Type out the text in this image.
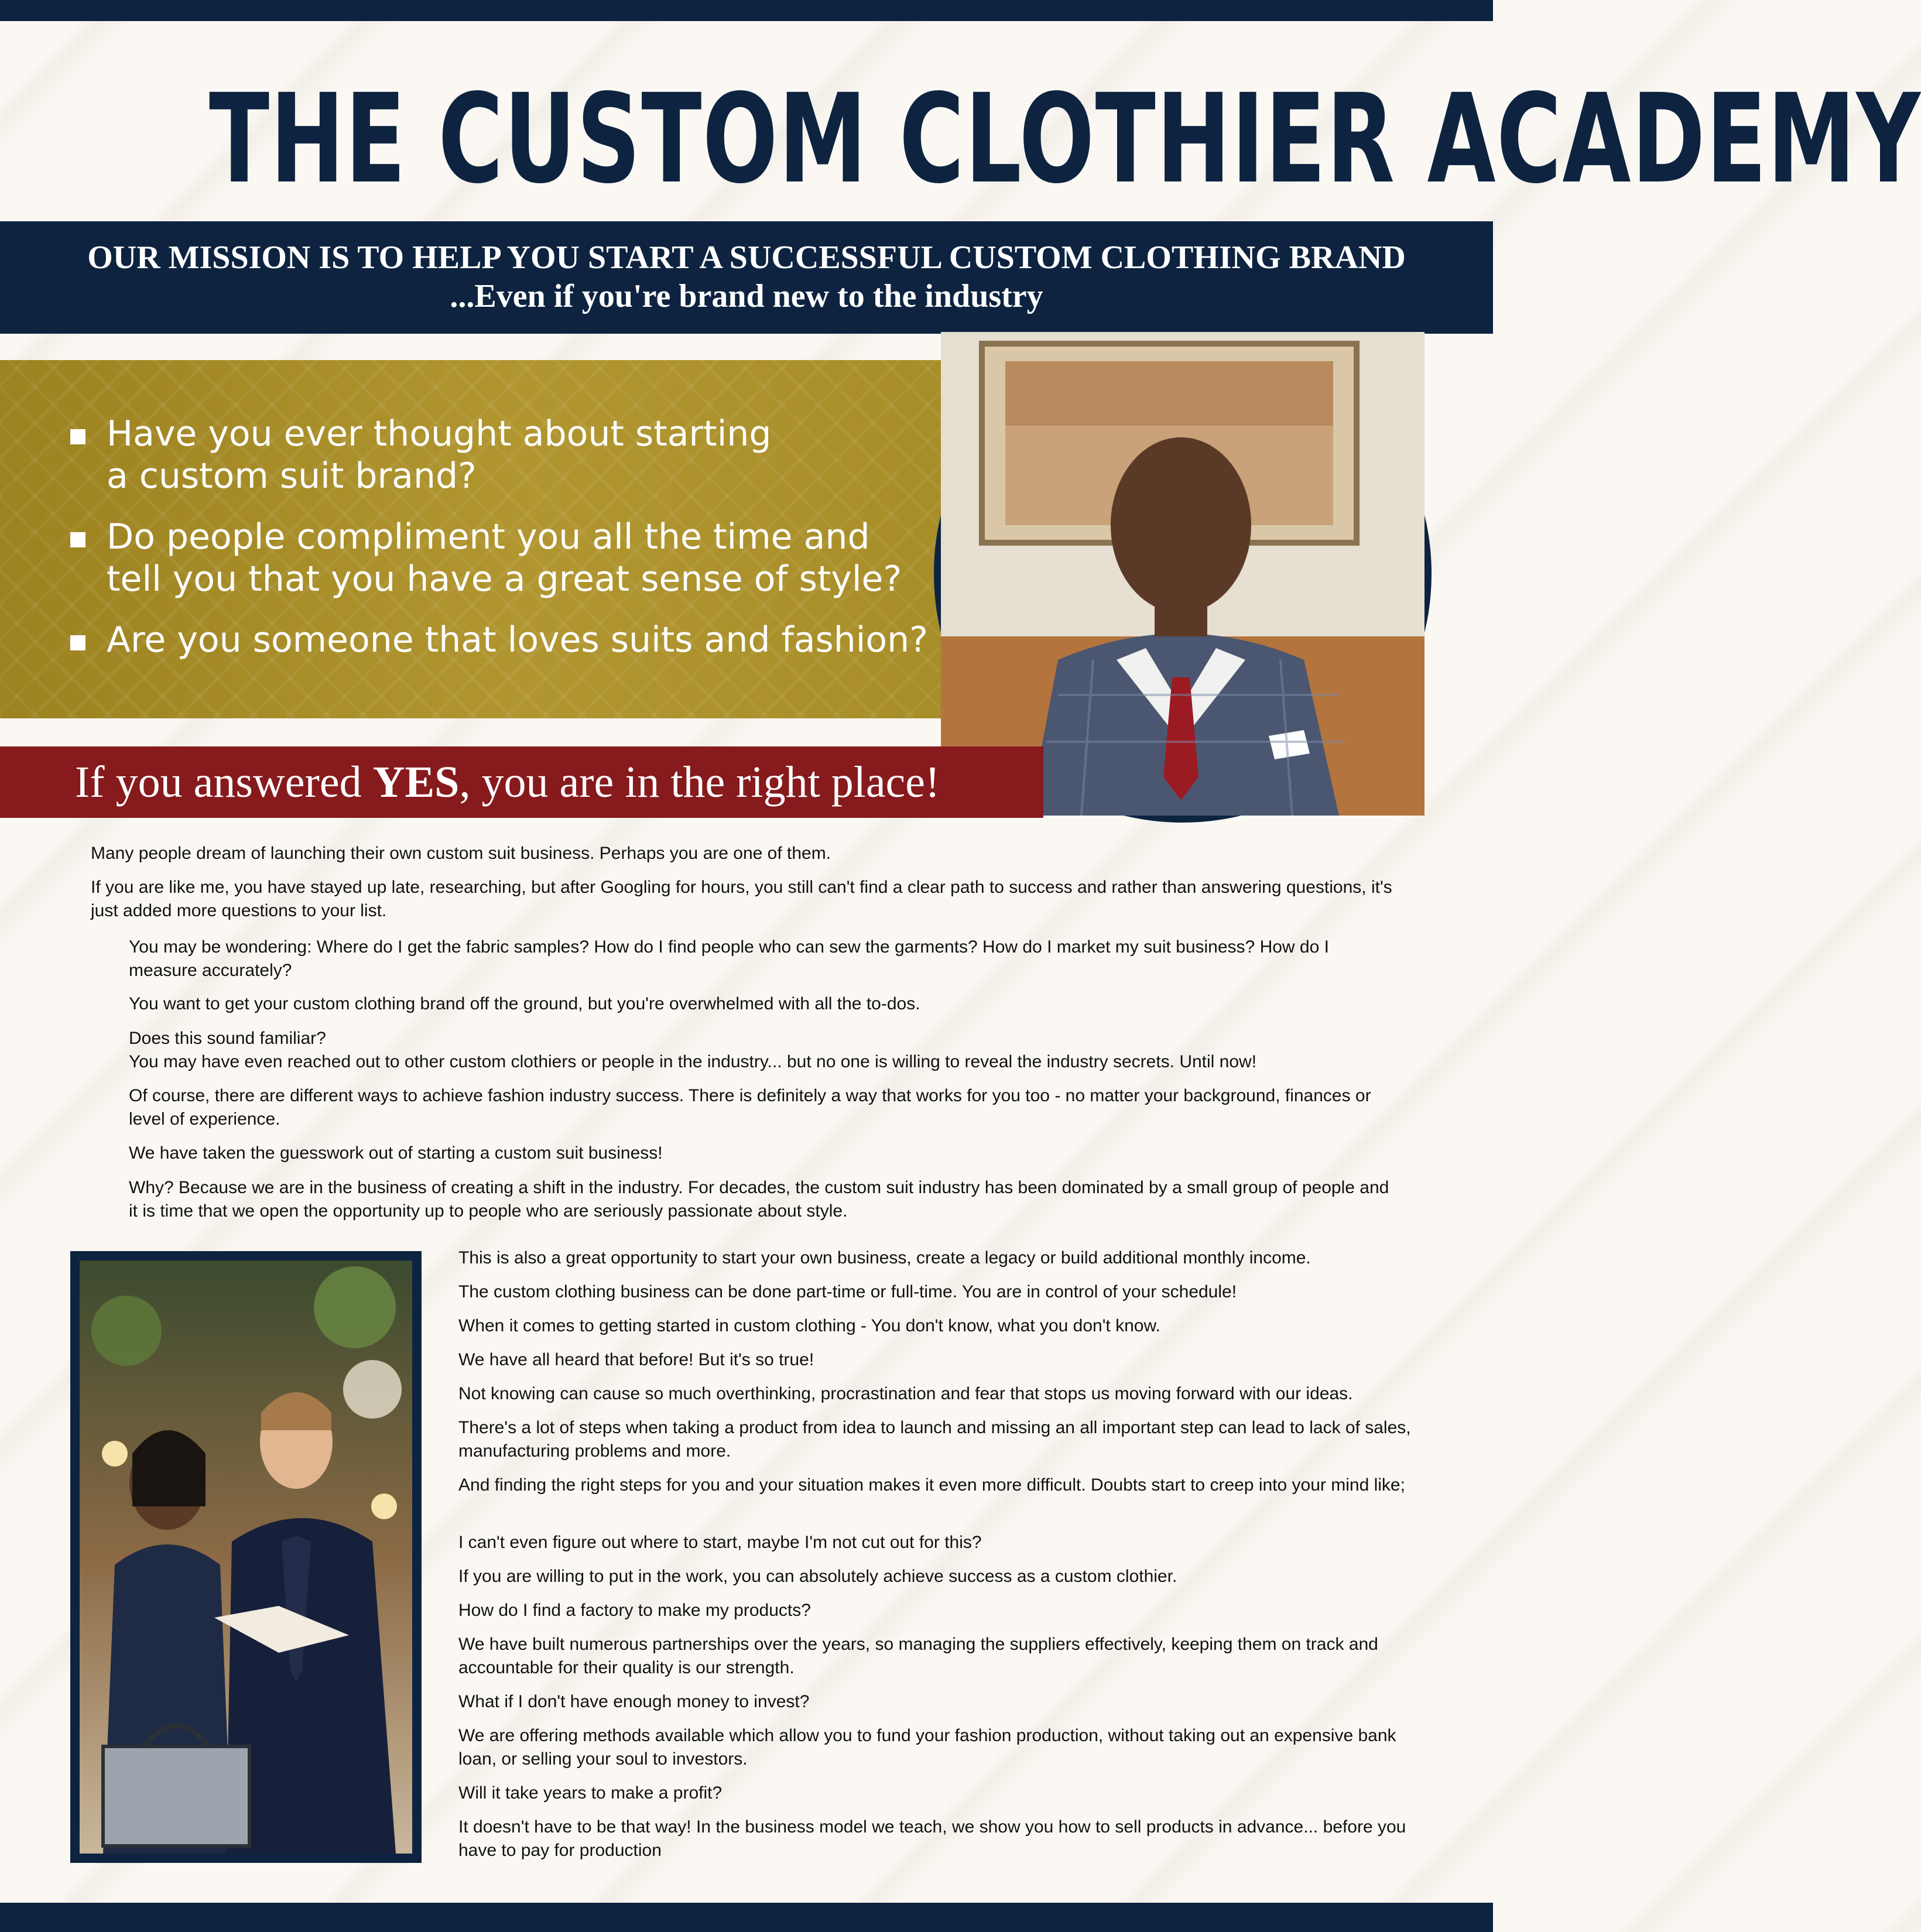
THE CUSTOM CLOTHIER ACADEMY
OUR MISSION IS TO HELP YOU START A SUCCESSFUL CUSTOM CLOTHING BRAND
...Even if you're brand new to the industry
Have you ever thought about starting
a custom suit brand?
Do people compliment you all the time and
tell you that you have a great sense of style?
Are you someone that loves suits and fashion?
If you answered YES, you are in the right place!

Many people dream of launching their own custom suit business. Perhaps you are one of them.

If you are like me, you have stayed up late, researching, but after Googling for hours, you still can't find a clear path to success and rather than answering questions, it's just added more questions to your list.

You may be wondering: Where do I get the fabric samples? How do I find people who can sew the garments? How do I market my suit business? How do I measure accurately?

You want to get your custom clothing brand off the ground, but you're overwhelmed with all the to-dos.

Does this sound familiar?

You may have even reached out to other custom clothiers or people in the industry... but no one is willing to reveal the industry secrets. Until now!

Of course, there are different ways to achieve fashion industry success. There is definitely a way that works for you too - no matter your background, finances or level of experience.

We have taken the guesswork out of starting a custom suit business!

Why? Because we are in the business of creating a shift in the industry. For decades, the custom suit industry has been dominated by a small group of people and it is time that we open the opportunity up to people who are seriously passionate about style.

This is also a great opportunity to start your own business, create a legacy or build additional monthly income.

The custom clothing business can be done part-time or full-time. You are in control of your schedule!

When it comes to getting started in custom clothing - You don't know, what you don't know.

We have all heard that before! But it's so true!

Not knowing can cause so much overthinking, procrastination and fear that stops us moving forward with our ideas.

There's a lot of steps when taking a product from idea to launch and missing an all important step can lead to lack of sales, manufacturing problems and more.

And finding the right steps for you and your situation makes it even more difficult. Doubts start to creep into your mind like;

I can't even figure out where to start, maybe I'm not cut out for this?

If you are willing to put in the work, you can absolutely achieve success as a custom clothier.

How do I find a factory to make my products?

We have built numerous partnerships over the years, so managing the suppliers effectively, keeping them on track and accountable for their quality is our strength.

What if I don't have enough money to invest?

We are offering methods available which allow you to fund your fashion production, without taking out an expensive bank loan, or selling your soul to investors.

Will it take years to make a profit?

It doesn't have to be that way! In the business model we teach, we show you how to sell products in advance... before you have to pay for production
